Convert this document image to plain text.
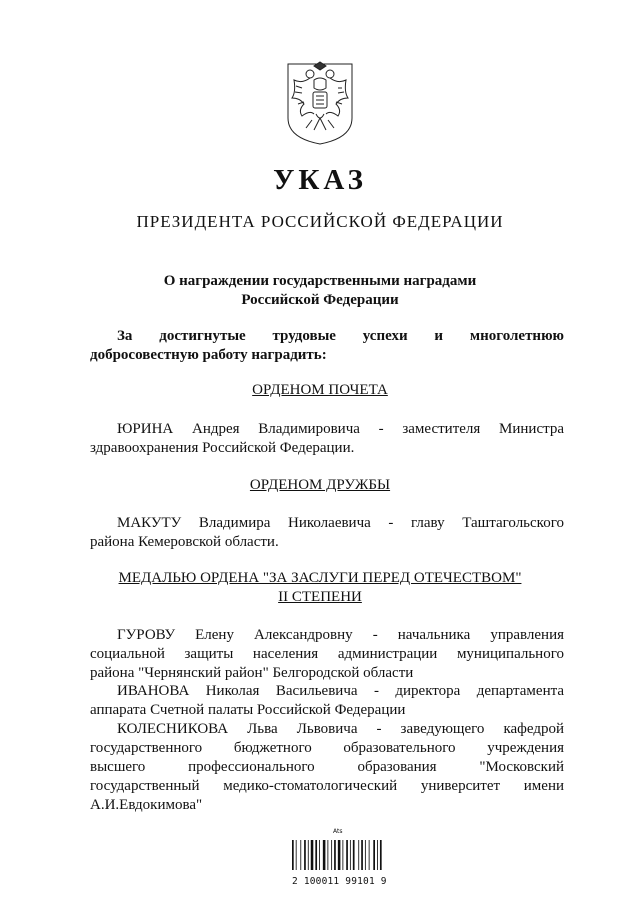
УКАЗ
ПРЕЗИДЕНТА РОССИЙСКОЙ ФЕДЕРАЦИИ
О награждении государственными наградами
Российской Федерации
За достигнутые трудовые успехи и многолетнюю
добросовестную работу наградить:
ОРДЕНОМ ПОЧЕТА
ЮРИНА Андрея Владимировича - заместителя Министра
здравоохранения Российской Федерации.
ОРДЕНОМ ДРУЖБЫ
МАКУТУ Владимира Николаевича - главу Таштагольского
района Кемеровской области.
МЕДАЛЬЮ ОРДЕНА "ЗА ЗАСЛУГИ ПЕРЕД ОТЕЧЕСТВОМ"
II СТЕПЕНИ
ГУРОВУ Елену Александровну - начальника управления
социальной защиты населения администрации муниципального
района "Чернянский район" Белгородской области
ИВАНОВА Николая Васильевича - директора департамента
аппарата Счетной палаты Российской Федерации
КОЛЕСНИКОВА Льва Львовича - заведующего кафедрой
государственного бюджетного образовательного учреждения
высшего профессионального образования "Московский
государственный медико-стоматологический университет имени
А.И.Евдокимова"
Ats
2 100011 99101 9
